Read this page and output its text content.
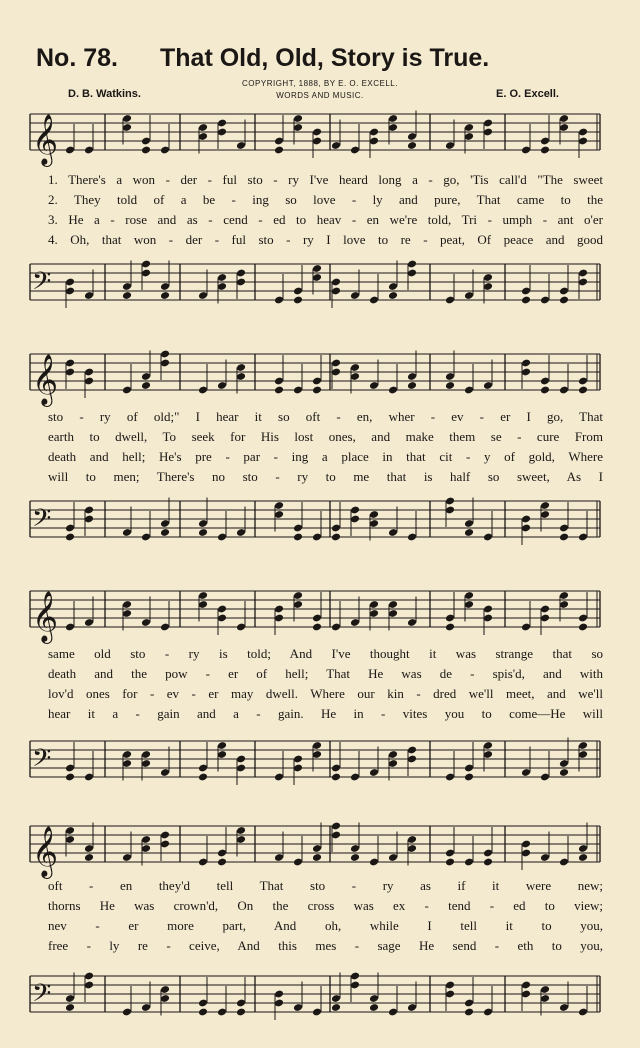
No. 78. That Old, Old, Story is True.
COPYRIGHT, 1888, BY E. O. EXCELL.
WORDS AND MUSIC.
D. B. Watkins.	E. O. Excell.
𝄞
1. There's a won - der - ful sto - ry I've heard long a - go, 'Tis call'd "The sweet
2. They told of a be - ing so love - ly and pure, That came to the
3. He a - rose and as - cend - ed to heav - en we're told, Tri - umph - ant o'er
4. Oh, that won - der - ful sto - ry I love to re - peat, Of peace and good
𝄢
𝄞
sto - ry of old;" I hear it so oft - en, wher - ev - er I go, That
earth to dwell, To seek for His lost ones, and make them se - cure From
death and hell; He's pre - par - ing a place in that cit - y of gold, Where
will to men; There's no sto - ry to me that is half so sweet, As I
𝄢
𝄞
same old sto - ry is told; And I've thought it was strange that so
death and the pow - er of hell; That He was de - spis'd, and with
lov'd ones for - ev - er may dwell. Where our kin - dred we'll meet, and we'll
hear it a - gain and a - gain. He in - vites you to come—He will
𝄢
𝄞
oft - en they'd tell That sto - ry as if it were new;
thorns He was crown'd, On the cross was ex - tend - ed to view;
nev - er more part, And oh, while I tell it to you,
free - ly re - ceive, And this mes - sage He send - eth to you,
𝄢
